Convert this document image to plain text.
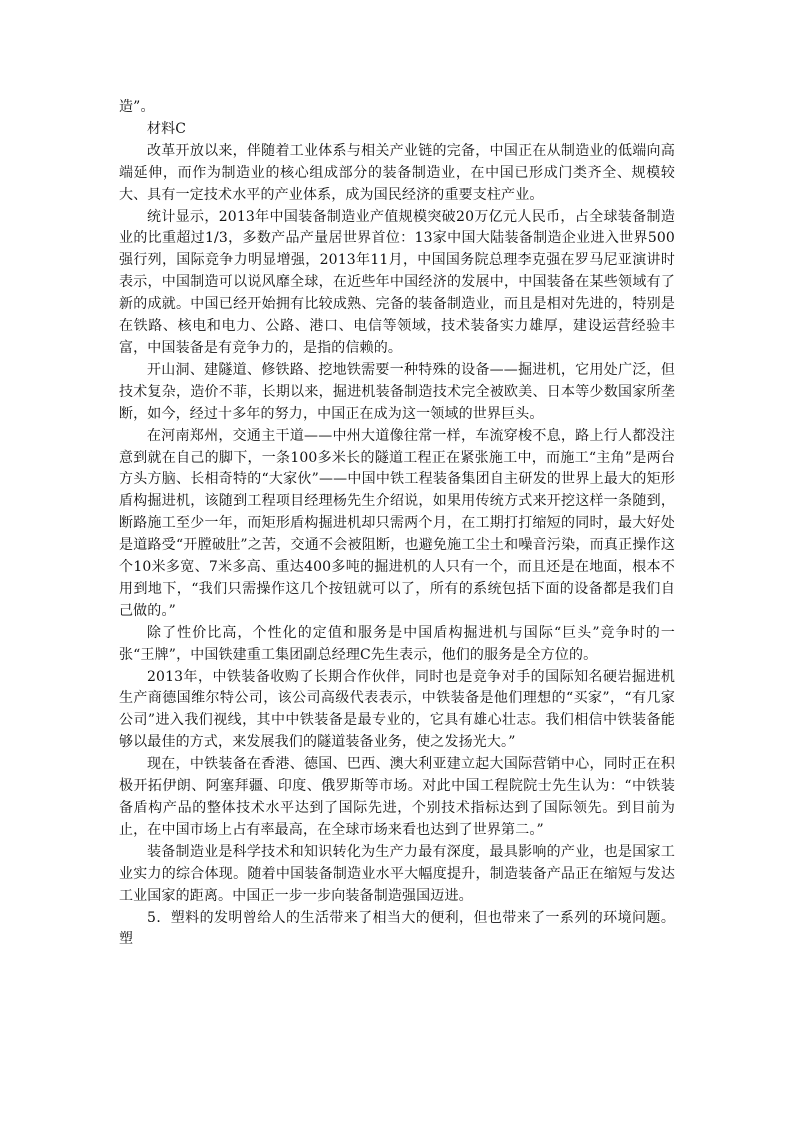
造”。

材料C

改革开放以来，伴随着工业体系与相关产业链的完备，中国正在从制造业的低端向高端延伸，而作为制造业的核心组成部分的装备制造业，在中国已形成门类齐全、规模较大、具有一定技术水平的产业体系，成为国民经济的重要支柱产业。

统计显示，2013年中国装备制造业产值规模突破20万亿元人民币，占全球装备制造业的比重超过1/3，多数产品产量居世界首位：13家中国大陆装备制造企业进入世界500强行列，国际竞争力明显增强，2013年11月，中国国务院总理李克强在罗马尼亚演讲时表示，中国制造可以说风靡全球，在近些年中国经济的发展中，中国装备在某些领域有了新的成就。中国已经开始拥有比较成熟、完备的装备制造业，而且是相对先进的，特别是在铁路、核电和电力、公路、港口、电信等领域，技术装备实力雄厚，建设运营经验丰富，中国装备是有竞争力的，是指的信赖的。

开山洞、建隧道、修铁路、挖地铁需要一种特殊的设备——掘进机，它用处广泛，但技术复杂，造价不菲，长期以来，掘进机装备制造技术完全被欧美、日本等少数国家所垄断，如今，经过十多年的努力，中国正在成为这一领域的世界巨头。

在河南郑州，交通主干道——中州大道像往常一样，车流穿梭不息，路上行人都没注意到就在自己的脚下，一条100多米长的隧道工程正在紧张施工中，而施工“主角”是两台方头方脑、长相奇特的“大家伙”——中国中铁工程装备集团自主研发的世界上最大的矩形盾构掘进机，该随到工程项目经理杨先生介绍说，如果用传统方式来开挖这样一条随到，断路施工至少一年，而矩形盾构掘进机却只需两个月，在工期打打缩短的同时，最大好处是道路受“开膛破肚”之苦，交通不会被阻断，也避免施工尘土和噪音污染，而真正操作这个10米多宽、7米多高、重达400多吨的掘进机的人只有一个，而且还是在地面，根本不用到地下，“我们只需操作这几个按钮就可以了，所有的系统包括下面的设备都是我们自己做的。”

除了性价比高，个性化的定值和服务是中国盾构掘进机与国际“巨头”竞争时的一张“王牌”，中国铁建重工集团副总经理C先生表示，他们的服务是全方位的。

2013年，中铁装备收购了长期合作伙伴，同时也是竞争对手的国际知名硬岩掘进机生产商德国维尔特公司，该公司高级代表表示，中铁装备是他们理想的“买家”，“有几家公司”进入我们视线，其中中铁装备是最专业的，它具有雄心壮志。我们相信中铁装备能够以最佳的方式，来发展我们的隧道装备业务，使之发扬光大。”

现在，中铁装备在香港、德国、巴西、澳大利亚建立起大国际营销中心，同时正在积极开拓伊朗、阿塞拜疆、印度、俄罗斯等市场。对此中国工程院院士先生认为：“中铁装备盾构产品的整体技术水平达到了国际先进，个别技术指标达到了国际领先。到目前为止，在中国市场上占有率最高，在全球市场来看也达到了世界第二。”

装备制造业是科学技术和知识转化为生产力最有深度，最具影响的产业，也是国家工业实力的综合体现。随着中国装备制造业水平大幅度提升，制造装备产品正在缩短与发达工业国家的距离。中国正一步一步向装备制造强国迈进。

5．塑料的发明曾给人的生活带来了相当大的便利，但也带来了一系列的环境问题。塑
